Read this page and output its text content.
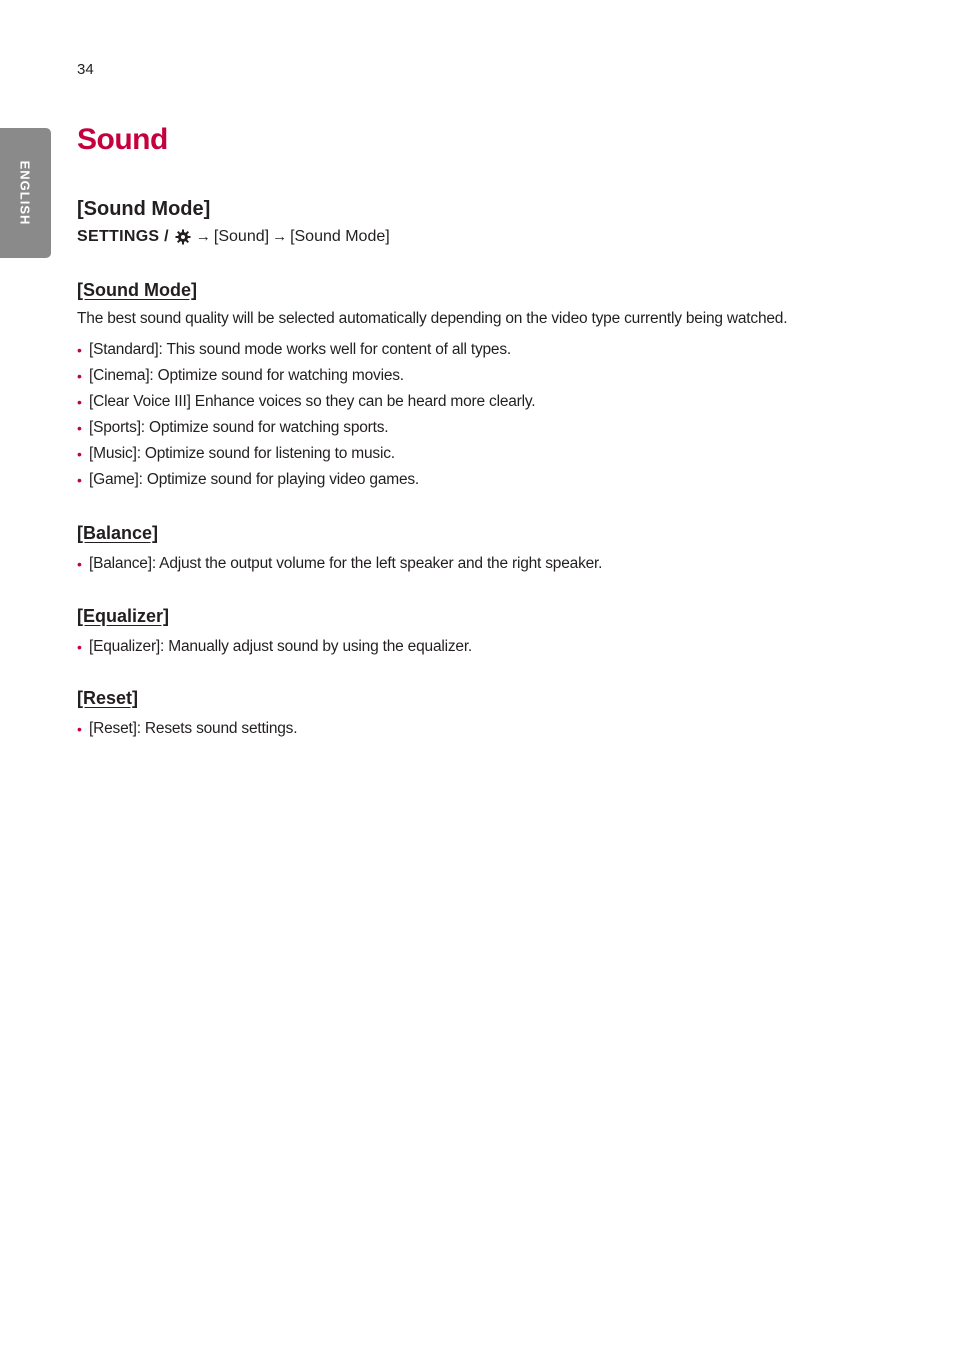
34
ENGLISH
Sound
[Sound Mode]
SETTINGS / → [Sound] → [Sound Mode]
[Sound Mode]

The best sound quality will be selected automatically depending on the video type currently being watched.

• [Standard]: This sound mode works well for content of all types.
• [Cinema]: Optimize sound for watching movies.
• [Clear Voice III] Enhance voices so they can be heard more clearly.
• [Sports]: Optimize sound for watching sports.
• [Music]: Optimize sound for listening to music.
• [Game]: Optimize sound for playing video games.
[Balance]
• [Balance]: Adjust the output volume for the left speaker and the right speaker.
[Equalizer]
• [Equalizer]: Manually adjust sound by using the equalizer.
[Reset]
• [Reset]: Resets sound settings.
